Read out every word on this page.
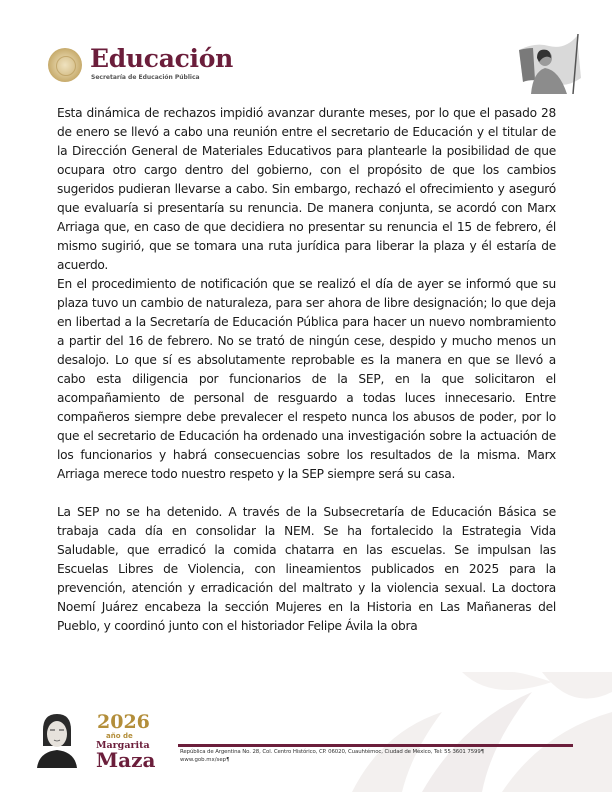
Educación
Secretaría de Educación Pública

Esta dinámica de rechazos impidió avanzar durante meses, por lo que el pasado 28 de enero se llevó a cabo una reunión entre el secretario de Educación y el titular de la Dirección General de Materiales Educativos para plantearle la posibilidad de que ocupara otro cargo dentro del gobierno, con el propósito de que los cambios sugeridos pudieran llevarse a cabo. Sin embargo, rechazó el ofrecimiento y aseguró que evaluaría si presentaría su renuncia. De manera conjunta, se acordó con Marx Arriaga que, en caso de que decidiera no presentar su renuncia el 15 de febrero, él mismo sugirió, que se tomara una ruta jurídica para liberar la plaza y él estaría de acuerdo.

En el procedimiento de notificación que se realizó el día de ayer se informó que su plaza tuvo un cambio de naturaleza, para ser ahora de libre designación; lo que deja en libertad a la Secretaría de Educación Pública para hacer un nuevo nombramiento a partir del 16 de febrero. No se trató de ningún cese, despido y mucho menos un desalojo. Lo que sí es absolutamente reprobable es la manera en que se llevó a cabo esta diligencia por funcionarios de la SEP, en la que solicitaron el acompañamiento de personal de resguardo a todas luces innecesario. Entre compañeros siempre debe prevalecer el respeto nunca los abusos de poder, por lo que el secretario de Educación ha ordenado una investigación sobre la actuación de los funcionarios y habrá consecuencias sobre los resultados de la misma. Marx Arriaga merece todo nuestro respeto y la SEP siempre será su casa.

La SEP no se ha detenido. A través de la Subsecretaría de Educación Básica se trabaja cada día en consolidar la NEM. Se ha fortalecido la Estrategia Vida Saludable, que erradicó la comida chatarra en las escuelas. Se impulsan las Escuelas Libres de Violencia, con lineamientos publicados en 2025 para la prevención, atención y erradicación del maltrato y la violencia sexual. La doctora Noemí Juárez encabeza la sección Mujeres en la Historia en Las Mañaneras del Pueblo, y coordinó junto con el historiador Felipe Ávila la obra

2026
año de
Margarita
Maza	República de Argentina No. 28, Col. Centro Histórico, CP. 06020, Cuauhtémoc, Ciudad de México, Tel: 55 3601 7599¶
www.gob.mx/sep¶
